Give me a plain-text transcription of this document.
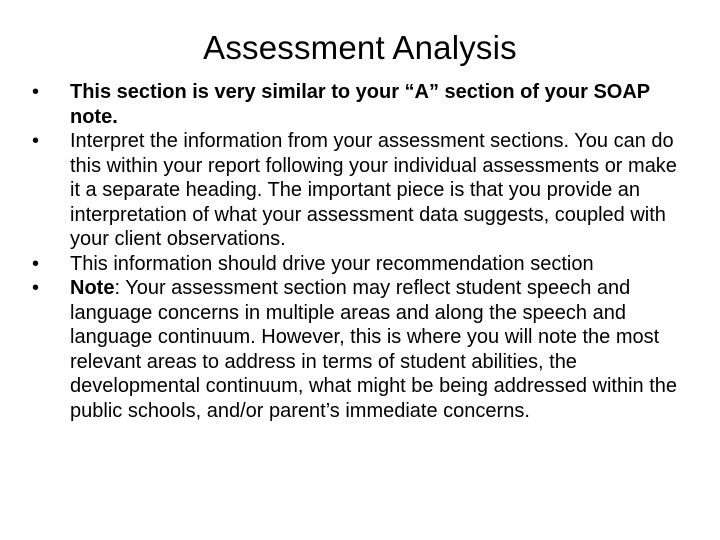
Assessment Analysis
•	This section is very similar to your “A” section of your SOAP note.
•	Interpret the information from your assessment sections. You can do this within your report following your individual assessments or make it a separate heading. The important piece is that you provide an interpretation of what your assessment data suggests, coupled with your client observations.
•	This information should drive your recommendation section
•	Note: Your assessment section may reflect student speech and language concerns in multiple areas and along the speech and language continuum. However, this is where you will note the most relevant areas to address in terms of student abilities, the developmental continuum, what might be being addressed within the public schools, and/or parent’s immediate concerns.
